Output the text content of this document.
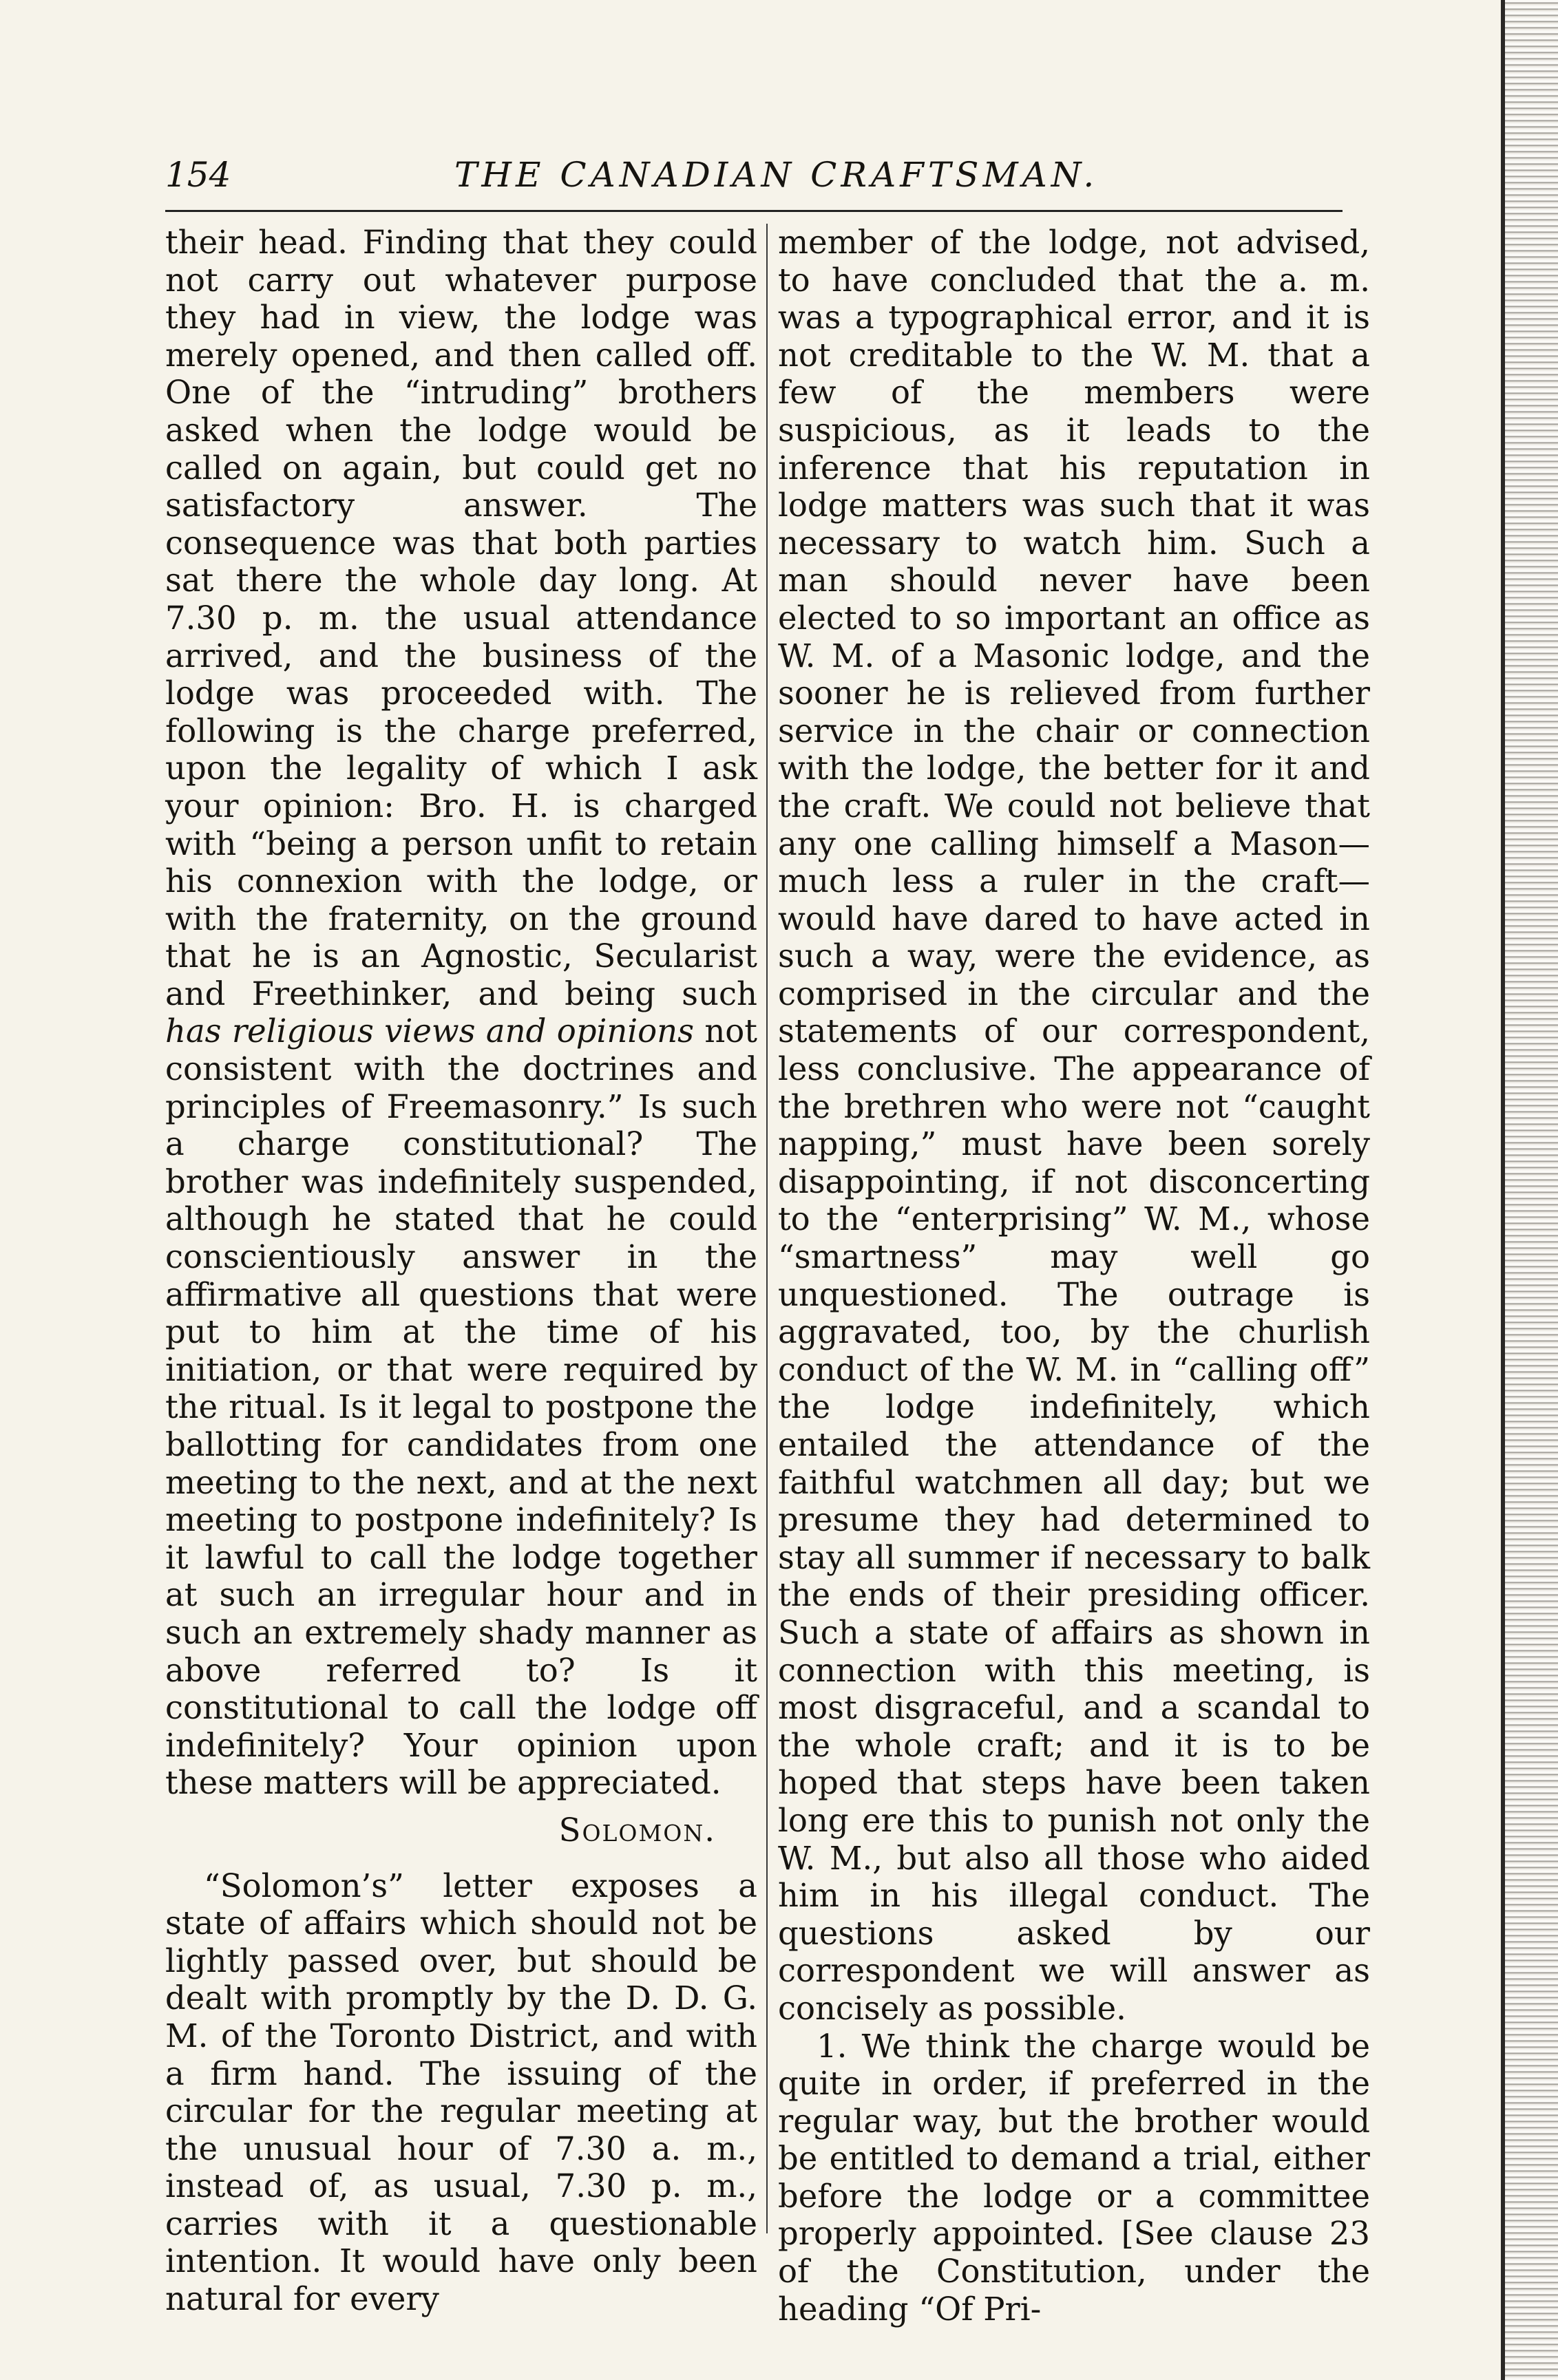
154	THE CANADIAN CRAFTSMAN.

their head. Finding that they could not carry out whatever purpose they had in view, the lodge was merely opened, and then called off. One of the “intruding” brothers asked when the lodge would be called on again, but could get no satisfactory answer. The consequence was that both parties sat there the whole day long. At 7.30 p. m. the usual attendance arrived, and the business of the lodge was proceeded with. The following is the charge preferred, upon the legality of which I ask your opinion: Bro. H. is charged with “being a person unfit to retain his connexion with the lodge, or with the fraternity, on the ground that he is an Agnostic, Secularist and Freethinker, and being such has religious views and opinions not consistent with the doctrines and principles of Freemasonry.” Is such a charge constitutional? The brother was indefinitely suspended, although he stated that he could conscientiously answer in the affirmative all questions that were put to him at the time of his initiation, or that were required by the ritual. Is it legal to postpone the ballotting for candidates from one meeting to the next, and at the next meeting to postpone indefinitely? Is it lawful to call the lodge together at such an irregular hour and in such an extremely shady manner as above referred to? Is it constitutional to call the lodge off indefinitely? Your opinion upon these matters will be appreciated.

Solomon.

“Solomon’s” letter exposes a state of affairs which should not be lightly passed over, but should be dealt with promptly by the D. D. G. M. of the Toronto District, and with a firm hand. The issuing of the circular for the regular meeting at the unusual hour of 7.30 a. m., instead of, as usual, 7.30 p. m., carries with it a questionable intention. It would have only been natural for every

member of the lodge, not advised, to have concluded that the a. m. was a typographical error, and it is not creditable to the W. M. that a few of the members were suspicious, as it leads to the inference that his reputation in lodge matters was such that it was necessary to watch him. Such a man should never have been elected to so important an office as W. M. of a Masonic lodge, and the sooner he is relieved from further service in the chair or connection with the lodge, the better for it and the craft. We could not believe that any one calling himself a Mason—much less a ruler in the craft—would have dared to have acted in such a way, were the evidence, as comprised in the circular and the statements of our correspondent, less conclusive. The appearance of the brethren who were not “caught napping,” must have been sorely disappointing, if not disconcerting to the “enterprising” W. M., whose “smartness” may well go unquestioned. The outrage is aggravated, too, by the churlish conduct of the W. M. in “calling off” the lodge indefinitely, which entailed the attendance of the faithful watchmen all day; but we presume they had determined to stay all summer if necessary to balk the ends of their presiding officer. Such a state of affairs as shown in connection with this meeting, is most disgraceful, and a scandal to the whole craft; and it is to be hoped that steps have been taken long ere this to punish not only the W. M., but also all those who aided him in his illegal conduct. The questions asked by our correspondent we will answer as concisely as possible.

1. We think the charge would be quite in order, if preferred in the regular way, but the brother would be entitled to demand a trial, either before the lodge or a committee properly appointed. [See clause 23 of the Constitution, under the heading “Of Pri-
